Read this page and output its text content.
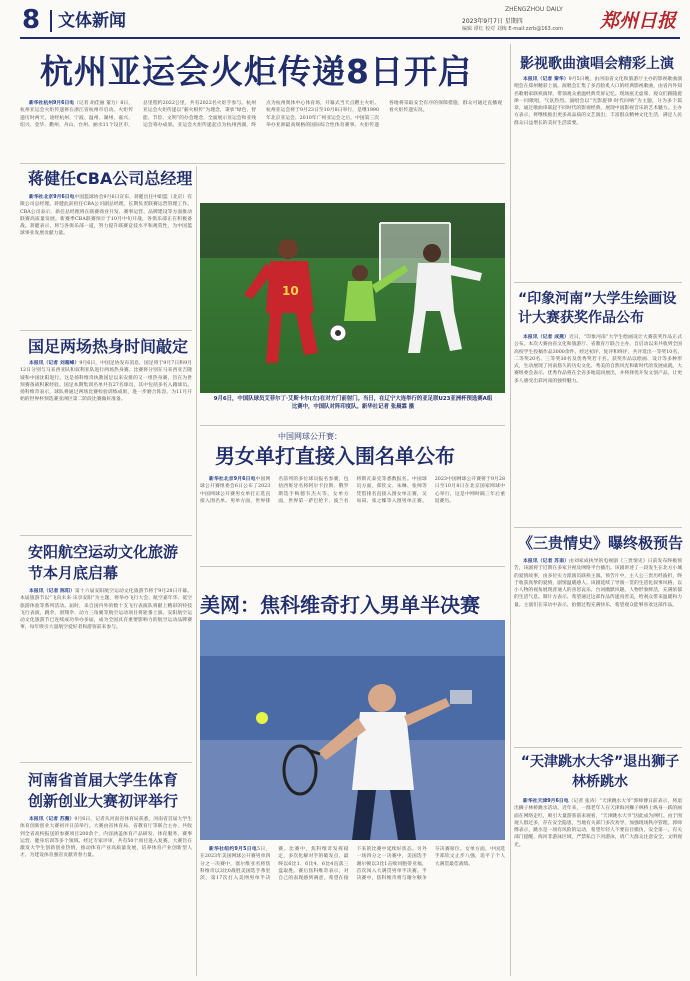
8	文体新闻
ZHENGZHOU DAILY
2023年9月7日 星期四
编辑 谭红 校对 刘梅 E-mail:zzrb@163.com	郑州日报
杭州亚运会火炬传递8日开启

新华社杭州9月6日电（记者 胡佳丽 董力）8日，杭州亚运会火炬传递将在浙江省杭州市启动。火炬传递历时两天，途经杭州、宁波、温州、湖州、嘉兴、绍兴、金华、衢州、舟山、台州、丽水11个设区市，总里程约2022公里，共有2022名火炬手参与。杭州亚运会火炬传递以“薪火相传”为理念，秉承“绿色、智能、节俭、文明”的办会理念，全面展示亚运会和亚残运会筹办成果。亚运会火炬传递起点为杭州西湖，终点为杭州奥体中心体育场，开幕式当天点燃主火炬。杭州亚运会将于9月23日至10月8日举行，是继1990年北京亚运会、2010年广州亚运会之后，中国第三次举办亚洲最高规格的国际综合性体育赛事。火炬传递各地将采取安全有序的保障措施，群众可通过直播观看火炬传递实况。

蒋健任CBA公司总经理

新华社北京9月6日电中国篮球协会9月6日宣布，蒋健出任中职篮（北京）有限公司总经理。蒋健此前担任CBA公司副总经理，长期负责联赛运营管理工作。CBA公司表示，新任总经理将在联赛商业开发、赛事运营、品牌建设等方面推动联赛高质量发展。新赛季CBA联赛预计于10月中旬开战，各俱乐部正在积极备战。蒋健表示，将与各俱乐部一道，努力提升联赛竞技水平和观赏性，为中国篮球事业发展贡献力量。

国足两场热身时间敲定

本报讯（记者 刘超峰）9月6日，中国足协发布消息，国足将于9月7日和9月12日分别与马来西亚队和叙利亚队进行两场热身赛。比赛将分别在马来西亚吉隆坡和中国沈阳进行。这是扬科维奇执教国足以来安排的又一组热身赛，旨在为世预赛备战积累经验。国足本期集训名单共有27名球员，其中包括多名入籍球员。扬科维奇表示，球队将通过两场比赛检验训练成果，进一步磨合阵容，为11月开始的世界杯预选赛亚洲区第二阶段比赛做好准备。

安阳航空运动文化旅游节本月底启幕

本报讯（记者 陈阳）第十六届安阳航空运动文化旅游节将于9月28日开幕。本届旅游节以“飞向未来·乐享安阳”为主题，将举办飞行大会、航空嘉年华、低空旅游体验等系列活动。届时，来自国内外的数十支飞行表演队将献上精彩的特技飞行表演，跳伞、滑翔伞、动力三角翼等航空运动项目将轮番上演。安阳航空运动文化旅游节已连续成功举办多届，成为全国具有重要影响力的航空运动品牌赛事，每年吸引大量航空爱好者和游客前来参与。

河南省首届大学生体育创新创业大赛初评举行

本报讯（记者 苏薇）9月6日，记者从河南省体育局获悉，河南省首届大学生体育创新创业大赛初评日前举行。大赛由省体育局、省教育厅等联合主办，共收到全省高校报送的参赛项目200余个，内容涵盖体育产品研发、体育服务、赛事运营、健身培训等多个领域。经过专家评审，共有50个项目进入复赛。大赛旨在激发大学生创新创业热情，推动体育产业高质量发展，培养体育产业创新型人才，为建设体育强省贡献青春力量。

10
9月6日，中国队球员艾菲尔丁·艾斯卡尔(左)在对方门前射门。当日，在辽宁大连举行的亚足联U23亚洲杯预选赛A组比赛中，中国队对阵印度队。新华社记者 张晨霖 摄
中国网球公开赛：
男女单打直接入围名单公布

新华社北京9月6日电中国网球公开赛组委会6日公布了2023中国网球公开赛男女单打正选直接入围名单。男单方面，世界排名前列的多位球员报名参赛，包括西班牙名将阿尔卡拉斯、俄罗斯选手梅德韦杰夫等。女单方面，世界第一萨巴伦卡、波兰名将斯瓦泰克等悉数报名。中国球员方面，郑钦文、朱琳、张帅等凭借排名直接入围女单正赛，吴易昺、张之臻等入围男单正赛。2023中国网球公开赛将于9月28日至10月8日在北京国家网球中心举行，这是中网时隔三年后重返赛历。

美网：焦科维奇打入男单半决赛

新华社纽约9月5日电5日，在2023年美国网球公开赛男单四分之一决赛中，塞尔维亚名将焦科维奇以3比0战胜美国选手弗里茨，第17次打入美网男单半决赛。比赛中，焦科维奇发挥稳定，多次化解对手的破发点，最终以6比1、6比4、6比4直落三盘取胜。赛后焦科维奇表示，对自己的表现感到满意，希望在接下来的比赛中延续好状态。另外一场四分之一决赛中，美国选手谢尔顿以3比1击败同胞蒂亚福，首次闯入大满贯男单半决赛。半决赛中，焦科维奇将与谢尔顿争夺决赛席位。女单方面，中国选手郑钦文止步八强，追平了个人大满贯最佳战绩。

影视歌曲演唱会精彩上演

本报讯（记者 秦华）9月5日晚，由河南省文化和旅游厅主办的影视歌曲演唱会在郑州精彩上演。演唱会汇集了多首脍炙人口的经典影视歌曲，由省内外知名歌唱家联袂演绎，带领观众重温经典荧屏记忆。现场座无虚席，观众们跟随旋律一同歌唱，气氛热烈。演唱会以“光影旋律·时代回响”为主题，分为多个篇章，通过歌曲串联起不同时代的影视经典，展现中国影视音乐的艺术魅力。主办方表示，将继续推出更多高品质的文艺演出，丰富群众精神文化生活，满足人民群众日益增长的美好生活需要。

“印象河南”大学生绘画设计大赛获奖作品公布

本报讯（记者 成燕）近日，“印象河南”大学生绘画设计大赛获奖作品正式公布。本次大赛由省文化和旅游厅、省教育厅联合主办，自启动以来共收到全国高校学生投稿作品3000余件。经过初评、复评和终评，共评选出一等奖10名、二等奖20名、三等奖30名及优秀奖若干名。获奖作品以绘画、设计等多种形式，生动展现了河南悠久的历史文化、秀美的自然风光和新时代的发展成就。大赛组委会表示，优秀作品将在全省多地巡回展出，并将择优开发文创产品，让更多人感受出彩河南的独特魅力。

《三贵情史》曝终极预告

本报讯（记者 苏南）由刘家成执导的电视剧《三贵情史》日前发布终极预告，该剧将于近期在多家卫视及网络平台播出。该剧讲述了一段发生在北方小城的爱情故事，由多位实力派演员联袂主演。预告片中，主人公三贵历经波折，终于收获真挚的爱情，剧情温暖感人。该剧延续了导演一贯的生活化叙事风格，以小人物的视角展现普通人的喜怒哀乐，台词幽默风趣，人物形象鲜活，充满浓郁的生活气息。制片方表示，希望通过这部作品传递真善美，给观众带来温暖和力量。主演们在采访中表示，拍摄过程充满快乐，希望观众能够喜欢这部作品。

“天津跳水大爷”退出狮子林桥跳水

新华社天津9月6日电（记者 张涛）“天津跳水大爷”郭师傅日前表示，将退出狮子林桥跳水活动。近年来，一群老年人在天津海河狮子林桥上纵身一跃的画面在网络走红，吸引大量游客前来观看，“天津跳水大爷”因此成为网红。由于围观人群过多，存在安全隐患，当地有关部门多次劝导，加强现场秩序管理。郭师傅表示，跳水是一项有风险的运动，希望年轻人不要盲目模仿，安全第一。有关部门提醒，海河非游泳区域，严禁私自下河游泳，请广大群众注意安全，文明观光。
